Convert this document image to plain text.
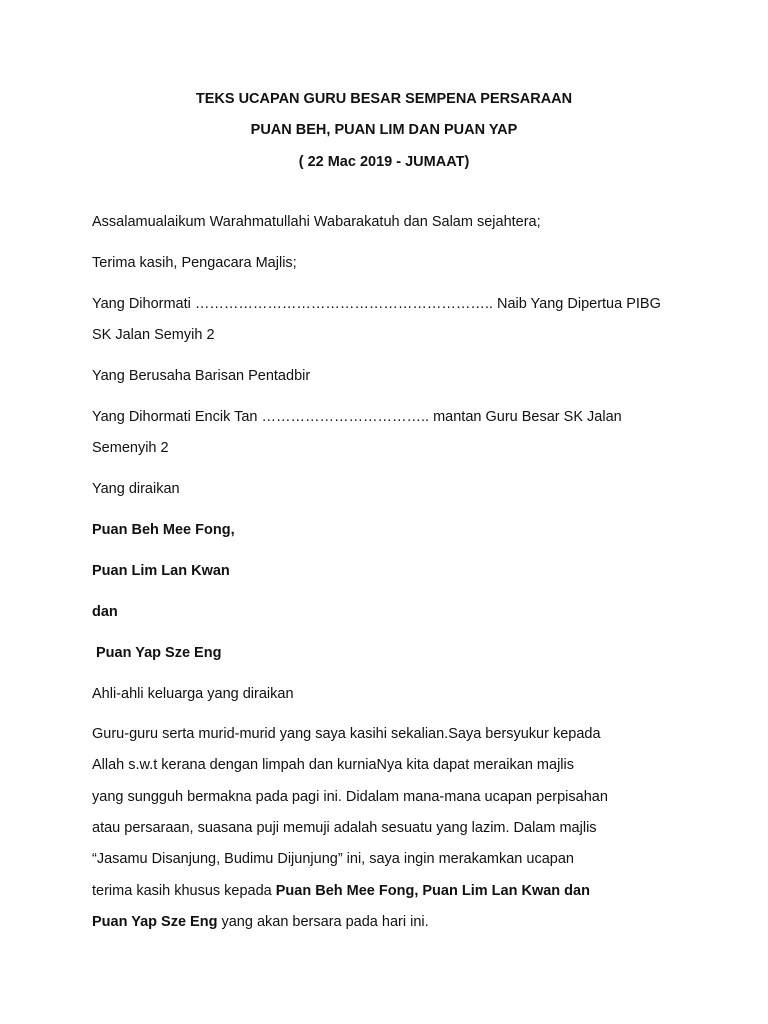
TEKS UCAPAN GURU BESAR SEMPENA PERSARAAN
PUAN BEH, PUAN LIM DAN PUAN YAP
( 22 Mac 2019 - JUMAAT)
Assalamualaikum Warahmatullahi Wabarakatuh dan Salam sejahtera;
Terima kasih, Pengacara Majlis;
Yang Dihormati …………………………………………………….. Naib Yang Dipertua PIBG
SK Jalan Semyih 2
Yang Berusaha Barisan Pentadbir
Yang Dihormati Encik Tan …………………………….. mantan Guru Besar SK Jalan
Semenyih 2
Yang diraikan
Puan Beh Mee Fong,
Puan Lim Lan Kwan
dan
Puan Yap Sze Eng
Ahli-ahli keluarga yang diraikan
Guru-guru serta murid-murid yang saya kasihi sekalian.Saya bersyukur kepada
Allah s.w.t kerana dengan limpah dan kurniaNya kita dapat meraikan majlis
yang sungguh bermakna pada pagi ini. Didalam mana-mana ucapan perpisahan
atau persaraan, suasana puji memuji adalah sesuatu yang lazim. Dalam majlis
“Jasamu Disanjung, Budimu Dijunjung” ini, saya ingin merakamkan ucapan
terima kasih khusus kepada Puan Beh Mee Fong, Puan Lim Lan Kwan dan
Puan Yap Sze Eng yang akan bersara pada hari ini.
